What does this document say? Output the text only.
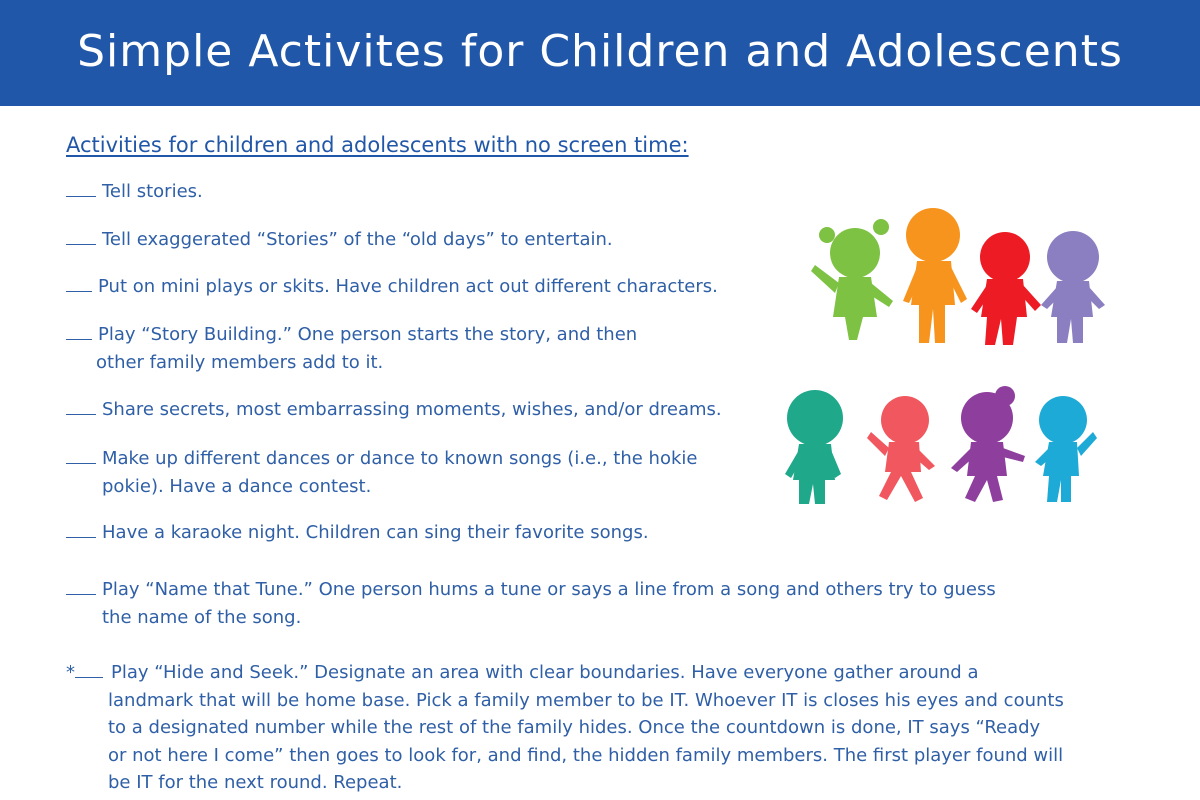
Simple Activites for Children and Adolescents
Activities for children and adolescents with no screen time:
Tell stories.
Tell exaggerated “Stories” of the “old days” to entertain.
Put on mini plays or skits. Have children act out different characters.
Play “Story Building.” One person starts the story, and then
other family members add to it.
Share secrets, most embarrassing moments, wishes, and/or dreams.
Make up different dances or dance to known songs (i.e., the hokie
pokie). Have a dance contest.
Have a karaoke night. Children can sing their favorite songs.
Play “Name that Tune.” One person hums a tune or says a line from a song and others try to guess
the name of the song.
* Play “Hide and Seek.” Designate an area with clear boundaries. Have everyone gather around a
landmark that will be home base. Pick a family member to be IT. Whoever IT is closes his eyes and counts
to a designated number while the rest of the family hides. Once the countdown is done, IT says “Ready
or not here I come” then goes to look for, and find, the hidden family members. The first player found will
be IT for the next round. Repeat.
